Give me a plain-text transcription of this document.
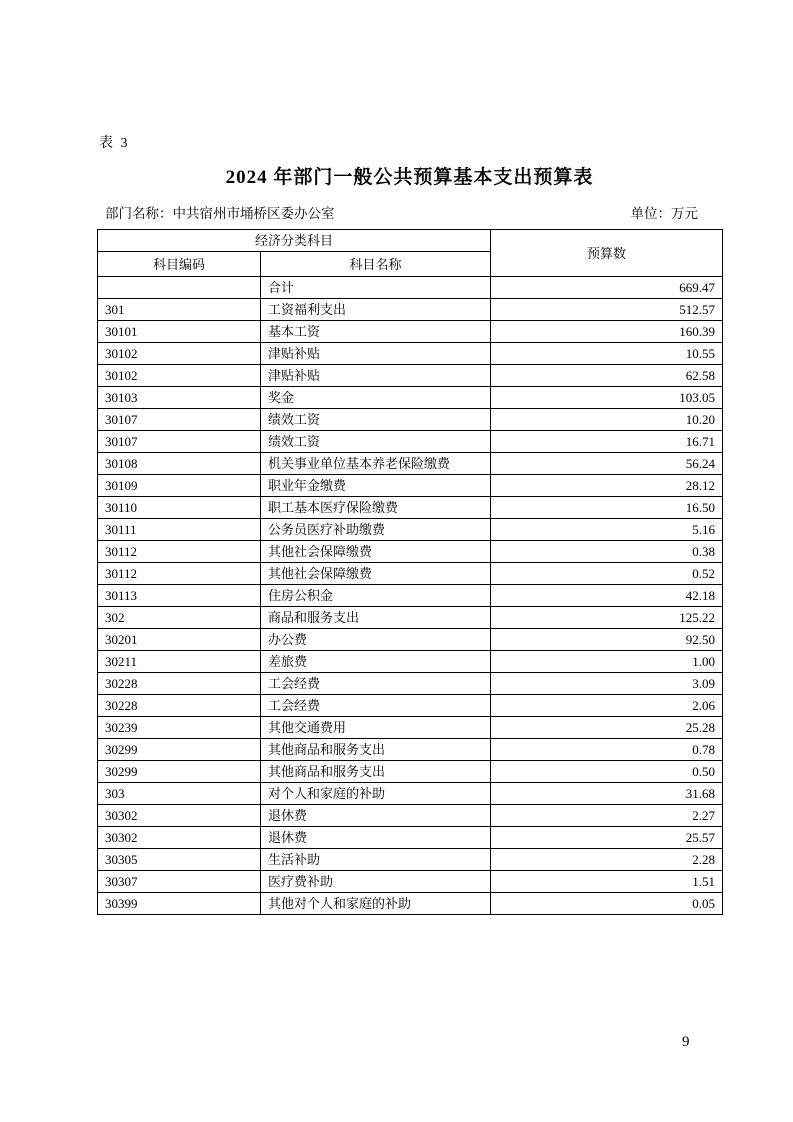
表 3
2024 年部门一般公共预算基本支出预算表
部门名称：中共宿州市埇桥区委办公室	单位：万元
经济分类科目		预算数
科目编码	科目名称	
	合计	669.47
301	工资福利支出	512.57
30101	基本工资	160.39
30102	津贴补贴	10.55
30102	津贴补贴	62.58
30103	奖金	103.05
30107	绩效工资	10.20
30107	绩效工资	16.71
30108	机关事业单位基本养老保险缴费	56.24
30109	职业年金缴费	28.12
30110	职工基本医疗保险缴费	16.50
30111	公务员医疗补助缴费	5.16
30112	其他社会保障缴费	0.38
30112	其他社会保障缴费	0.52
30113	住房公积金	42.18
302	商品和服务支出	125.22
30201	办公费	92.50
30211	差旅费	1.00
30228	工会经费	3.09
30228	工会经费	2.06
30239	其他交通费用	25.28
30299	其他商品和服务支出	0.78
30299	其他商品和服务支出	0.50
303	对个人和家庭的补助	31.68
30302	退休费	2.27
30302	退休费	25.57
30305	生活补助	2.28
30307	医疗费补助	1.51
30399	其他对个人和家庭的补助	0.05
9
